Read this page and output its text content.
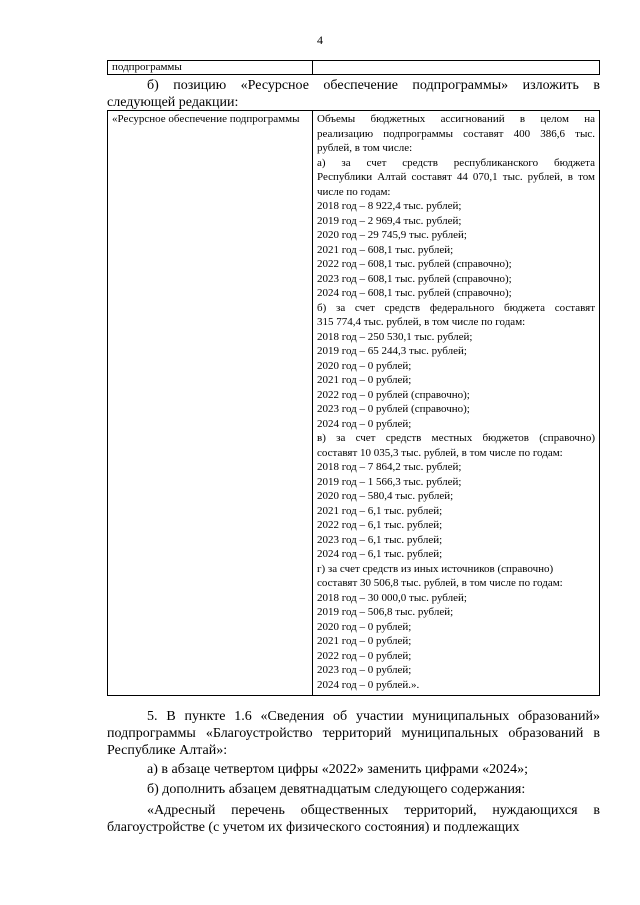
4
подпрограммы	

б) позицию «Ресурсное обеспечение подпрограммы» изложить в следующей редакции:

«Ресурсное обеспечение подпрограммы	Объемы бюджетных ассигнований в целом на
реализацию подпрограммы составят 400 386,6 тыс.
рублей, в том числе:
а) за счет средств республиканского бюджета
Республики Алтай составят 44 070,1 тыс. рублей, в том
числе по годам:
2018 год – 8 922,4 тыс. рублей;
2019 год – 2 969,4 тыс. рублей;
2020 год – 29 745,9 тыс. рублей;
2021 год – 608,1 тыс. рублей;
2022 год – 608,1 тыс. рублей (справочно);
2023 год – 608,1 тыс. рублей (справочно);
2024 год – 608,1 тыс. рублей (справочно);
б) за счет средств федерального бюджета составят
315 774,4 тыс. рублей, в том числе по годам:
2018 год – 250 530,1 тыс. рублей;
2019 год – 65 244,3 тыс. рублей;
2020 год – 0 рублей;
2021 год – 0 рублей;
2022 год – 0 рублей (справочно);
2023 год – 0 рублей (справочно);
2024 год – 0 рублей;
в) за счет средств местных бюджетов (справочно)
составят 10 035,3 тыс. рублей, в том числе по годам:
2018 год – 7 864,2 тыс. рублей;
2019 год – 1 566,3 тыс. рублей;
2020 год – 580,4 тыс. рублей;
2021 год – 6,1 тыс. рублей;
2022 год – 6,1 тыс. рублей;
2023 год – 6,1 тыс. рублей;
2024 год – 6,1 тыс. рублей;
г) за счет средств из иных источников (справочно)
составят 30 506,8 тыс. рублей, в том числе по годам:
2018 год – 30 000,0 тыс. рублей;
2019 год – 506,8 тыс. рублей;
2020 год – 0 рублей;
2021 год – 0 рублей;
2022 год – 0 рублей;
2023 год – 0 рублей;
2024 год – 0 рублей.».

5. В пункте 1.6 «Сведения об участии муниципальных образований» подпрограммы «Благоустройство территорий муниципальных образований в Республике Алтай»:

а) в абзаце четвертом цифры «2022» заменить цифрами «2024»;

б) дополнить абзацем девятнадцатым следующего содержания:

«Адресный перечень общественных территорий, нуждающихся в благоустройстве (с учетом их физического состояния) и подлежащих
